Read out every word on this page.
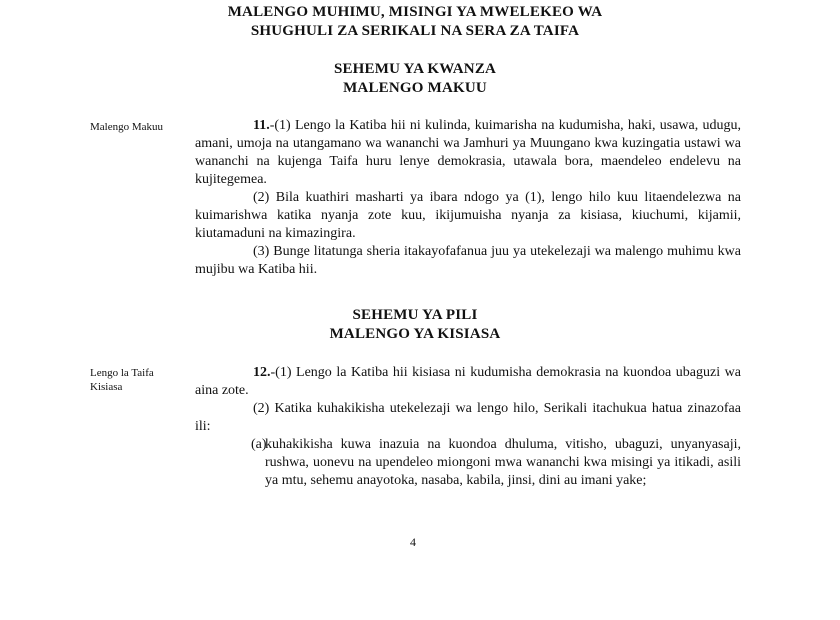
MALENGO MUHIMU, MISINGI YA MWELEKEO WA
SHUGHULI ZA SERIKALI NA SERA ZA TAIFA
SEHEMU YA KWANZA
MALENGO MAKUU
Malengo Makuu	11.-(1) Lengo la Katiba hii ni kulinda, kuimarisha na kudumisha, haki, usawa, udugu, amani, umoja na utangamano wa wananchi wa Jamhuri ya Muungano kwa kuzingatia ustawi wa wananchi na kujenga Taifa huru lenye demokrasia, utawala bora, maendeleo endelevu na kujitegemea.

(2) Bila kuathiri masharti ya ibara ndogo ya (1), lengo hilo kuu litaendelezwa na kuimarishwa katika nyanja zote kuu, ikijumuisha nyanja za kisiasa, kiuchumi, kijamii, kiutamaduni na kimazingira.

(3) Bunge litatunga sheria itakayofafanua juu ya utekelezaji wa malengo muhimu kwa mujibu wa Katiba hii.

SEHEMU YA PILI
MALENGO YA KISIASA
Lengo la Taifa
Kisiasa

12.-(1) Lengo la Katiba hii kisiasa ni kudumisha demokrasia na kuondoa ubaguzi wa aina zote.

(2) Katika kuhakikisha utekelezaji wa lengo hilo, Serikali itachukua hatua zinazofaa ili:

(a)
kuhakikisha kuwa inazuia na kuondoa dhuluma, vitisho, ubaguzi, unyanyasaji, rushwa, uonevu na upendeleo miongoni mwa wananchi kwa misingi ya itikadi, asili ya mtu, sehemu anayotoka, nasaba, kabila, jinsi, dini au imani yake;
4
